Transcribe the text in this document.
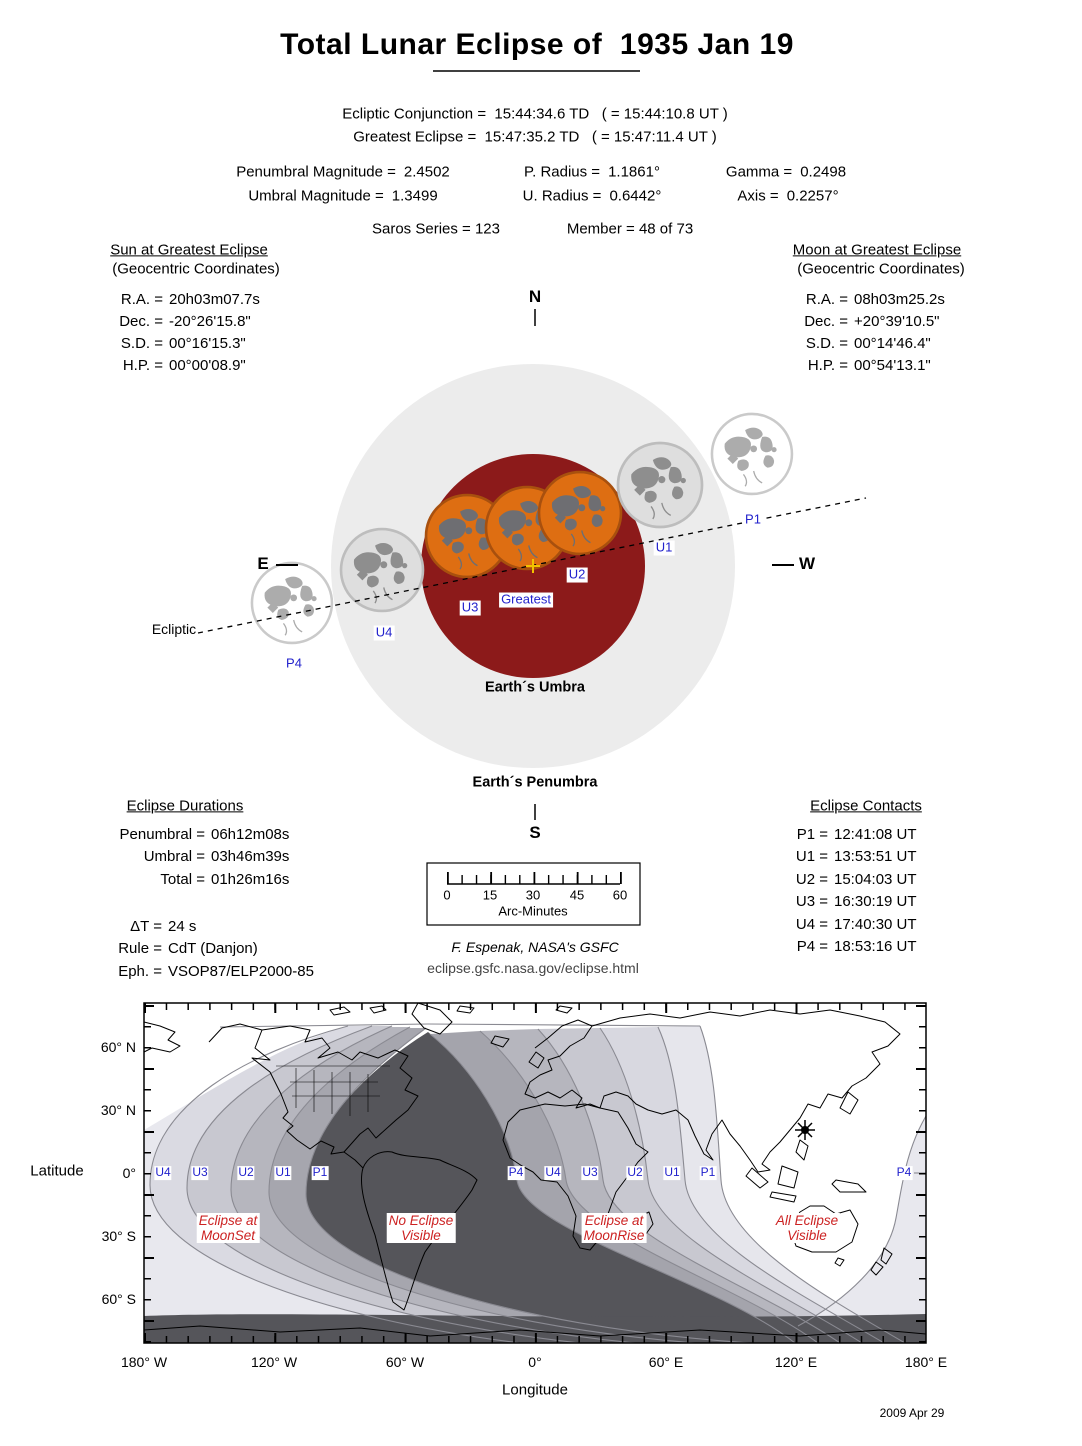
Total Lunar Eclipse of  1935 Jan 19
Ecliptic Conjunction =  15:44:34.6 TD   ( = 15:44:10.8 UT )
Greatest Eclipse =  15:47:35.2 TD   ( = 15:47:11.4 UT )
Penumbral Magnitude = 2.4502	P. Radius = 1.1861°	Gamma = 0.2498
Umbral Magnitude = 1.3499	U. Radius = 0.6442°	Axis = 0.2257°
Saros Series = 123	Member = 48 of 73
Sun at Greatest Eclipse
(Geocentric Coordinates)
R.A. = 20h03m07.7s
Dec. = -20°26'15.8"
S.D. = 00°16'15.3"
H.P. = 00°00'08.9"
Moon at Greatest Eclipse
(Geocentric Coordinates)
R.A. = 08h03m25.2s
Dec. = +20°39'10.5"
S.D. = 00°14'46.4"
H.P. = 00°54'13.1"
N
S
E	W
Ecliptic
P4
U4
U3
Greatest
U2
U1
P1
Earth´s Umbra
Earth´s Penumbra
0 15 30 45 60
Arc-Minutes
F. Espenak, NASA's GSFC
eclipse.gsfc.nasa.gov/eclipse.html
Eclipse Durations
Penumbral = 06h12m08s
Umbral = 03h46m39s
Total = 01h26m16s
ΔT = 24 s
Rule = CdT (Danjon)
Eph. = VSOP87/ELP2000-85
Eclipse Contacts
P1 = 12:41:08 UT
U1 = 13:53:51 UT
U2 = 15:04:03 UT
U3 = 16:30:19 UT
U4 = 17:40:30 UT
P4 = 18:53:16 UT
Latitude
60° N
30° N
0°
30° S
60° S
180° W	120° W	60° W	0°	60° E	120° E	180° E
Longitude
U4 U3	U2 U1 P1	P4 U4 U3 U2 U1 P1	P4
Eclipse at
MoonSet
No Eclipse
Visible
Eclipse at
MoonRise
All Eclipse
Visible
2009 Apr 29
